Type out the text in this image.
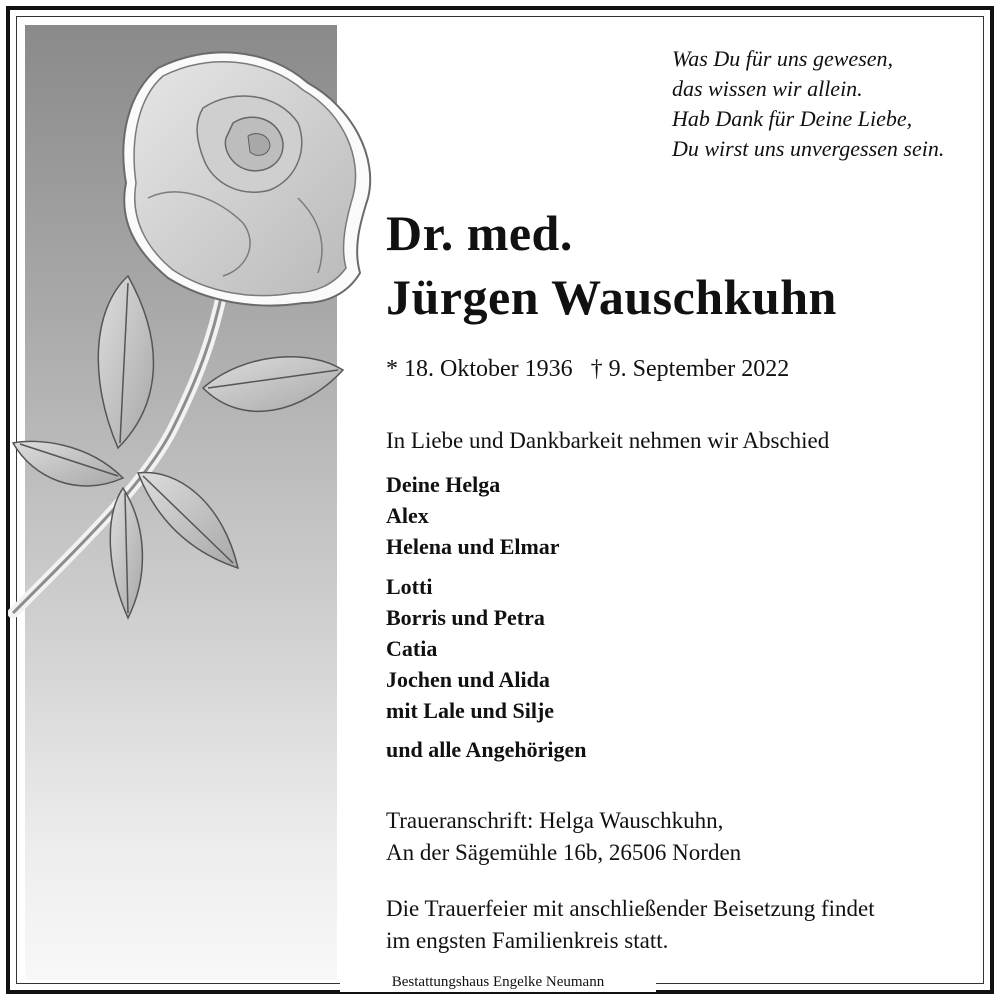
Was Du für uns gewesen,
das wissen wir allein.
Hab Dank für Deine Liebe,
Du wirst uns unvergessen sein.
Dr. med.
Jürgen Wauschkuhn
* 18. Oktober 1936 † 9. September 2022
In Liebe und Dankbarkeit nehmen wir Abschied
Deine Helga
Alex
Helena und Elmar
Lotti
Borris und Petra
Catia
Jochen und Alida
mit Lale und Silje
und alle Angehörigen
Traueranschrift: Helga Wauschkuhn,
An der Sägemühle 16b, 26506 Norden
Die Trauerfeier mit anschließender Beisetzung findet
im engsten Familienkreis statt.
Bestattungshaus Engelke Neumann
